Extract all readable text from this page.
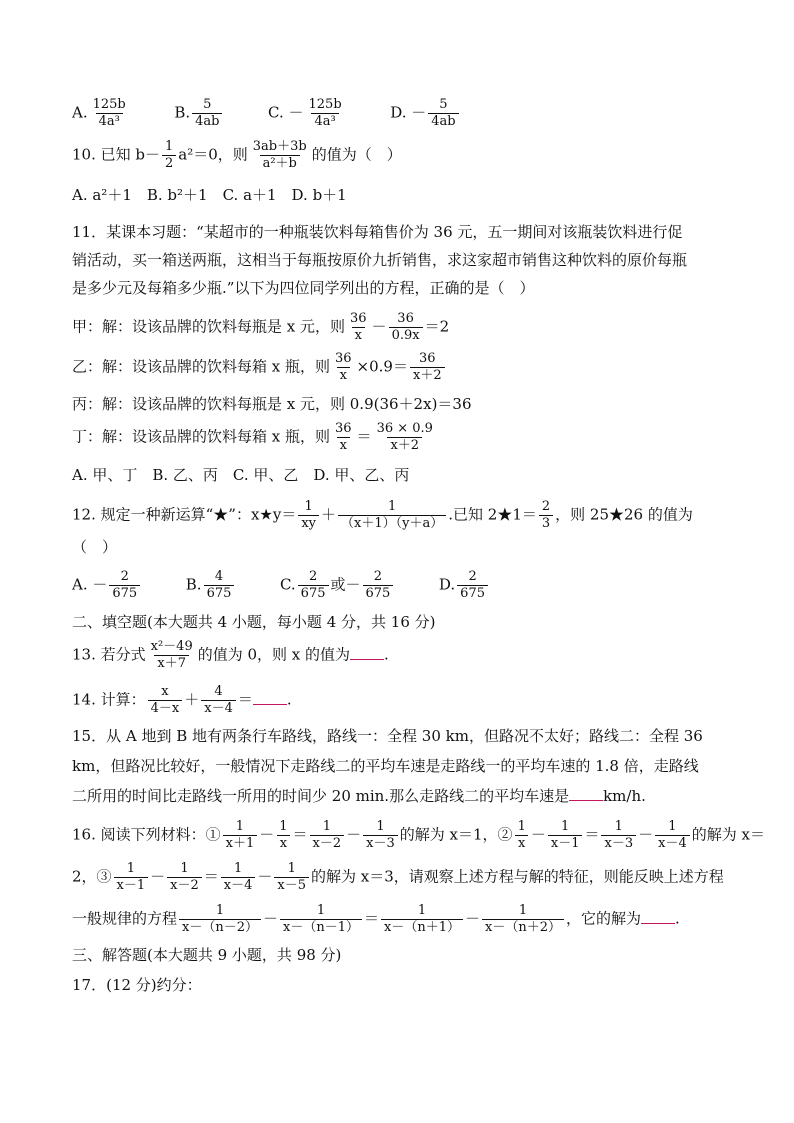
A. $\frac{125b}{\text{4a³}}$	B. $\frac{5}{4ab}$	C. － $\frac{125b}{\text{4a³}}$	D. － $\frac{5}{4ab}$
10. 已知 $b- \frac{1}{2} a^2=0$，则 $\frac{3ab+3b}{\text{a²＋b}}$ 的值为（　）
A. a²＋1　B. b²＋1　C. a＋1　D. b＋1
11．某课本习题：“某超市的一种瓶装饮料每箱售价为 36 元，五一期间对该瓶装饮料进行促
销活动，买一箱送两瓶，这相当于每瓶按原价九折销售，求这家超市销售这种饮料的原价每瓶
是多少元及每箱多少瓶.”以下为四位同学列出的方程，正确的是（　）
甲：解：设该品牌的饮料每瓶是 x 元，则 $\frac{36}{x} - \frac{36}{0.9x} =2$
乙：解：设该品牌的饮料每箱 x 瓶，则 $\frac{36}{x} \times 0.9= \frac{36}{x+2}$
丙：解：设该品牌的饮料每瓶是 x 元，则 0.9(36＋2x)＝36
丁：解：设该品牌的饮料每箱 x 瓶，则 $\frac{36}{x} = \frac{36 \times 0.9}{x+2}$
A. 甲、丁　B. 乙、丙　C. 甲、乙　D. 甲、乙、丙
12. 规定一种新运算“★”：x★y＝ $\frac{1}{xy} + \frac{1}{(x+1)(y+a)}$ .已知 2★1＝ $\frac{2}{3}$ ，则 25★26 的值为
（　）
A. － $\frac{2}{675}$	B. $\frac{4}{675}$	C. $\frac{2}{675}$ 或－ $\frac{2}{675}$	D. $\frac{2}{675}$
二、填空题(本大题共 4 小题，每小题 4 分，共 16 分)
13. 若分式 $\frac{\text{x²－49}}{x+7}$ 的值为 0，则 x 的值为 .
14. 计算： $\frac{x}{4-x} + \frac{4}{x-4}$ ＝ .
15．从 A 地到 B 地有两条行车路线，路线一：全程 30 km，但路况不太好；路线二：全程 36
km，但路况比较好，一般情况下走路线二的平均车速是走路线一的平均车速的 1.8 倍，走路线
二所用的时间比走路线一所用的时间少 20 min.那么走路线二的平均车速是 km/h.
16. 阅读下列材料：① $\frac{1}{x+1} - \frac{1}{x} = \frac{1}{x-2} - \frac{1}{x-3}$ 的解为 x＝1，② $\frac{1}{x} - \frac{1}{x-1} = \frac{1}{x-3} - \frac{1}{x-4}$ 的解为 x＝
2，③ $\frac{1}{x-1} - \frac{1}{x-2} = \frac{1}{x-4} - \frac{1}{x-5}$ 的解为 x＝3，请观察上述方程与解的特征，则能反映上述方程
一般规律的方程 $\frac{1}{x-(n-2)} - \frac{1}{x-(n-1)} = \frac{1}{x-(n+1)} - \frac{1}{x-(n+2)}$ ，它的解为 .
三、解答题(本大题共 9 小题，共 98 分)
17．(12 分)约分：
